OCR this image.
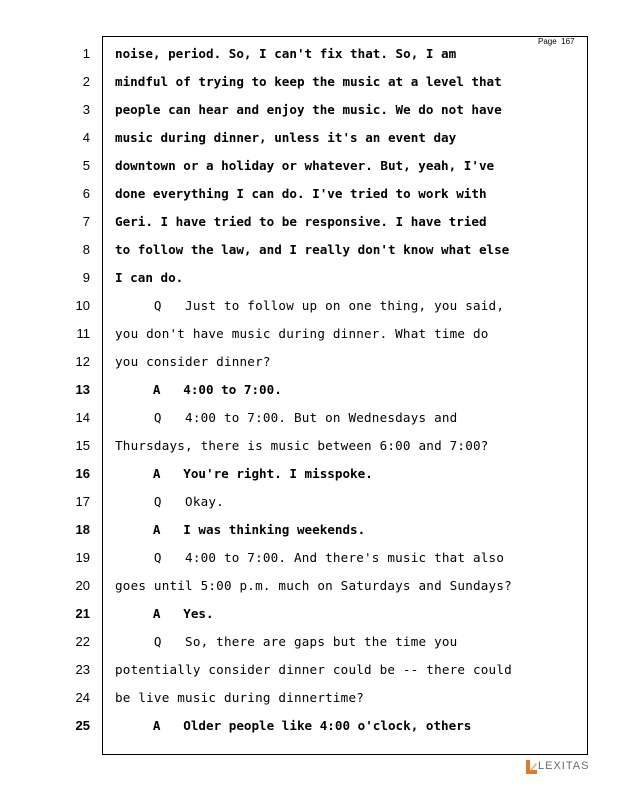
Page 167
1 noise, period. So, I can't fix that. So, I am
2 mindful of trying to keep the music at a level that
3 people can hear and enjoy the music. We do not have
4 music during dinner, unless it's an event day
5 downtown or a holiday or whatever. But, yeah, I've
6 done everything I can do. I've tried to work with
7 Geri. I have tried to be responsive. I have tried
8 to follow the law, and I really don't know what else
9 I can do.
10 Q   Just to follow up on one thing, you said,
11 you don't have music during dinner. What time do
12 you consider dinner?
13 A   4:00 to 7:00.
14 Q   4:00 to 7:00. But on Wednesdays and
15 Thursdays, there is music between 6:00 and 7:00?
16 A   You're right. I misspoke.
17 Q   Okay.
18 A   I was thinking weekends.
19 Q   4:00 to 7:00. And there's music that also
20 goes until 5:00 p.m. much on Saturdays and Sundays?
21 A   Yes.
22 Q   So, there are gaps but the time you
23 potentially consider dinner could be -- there could
24 be live music during dinnertime?
25 A   Older people like 4:00 o'clock, others
LEXITAS
